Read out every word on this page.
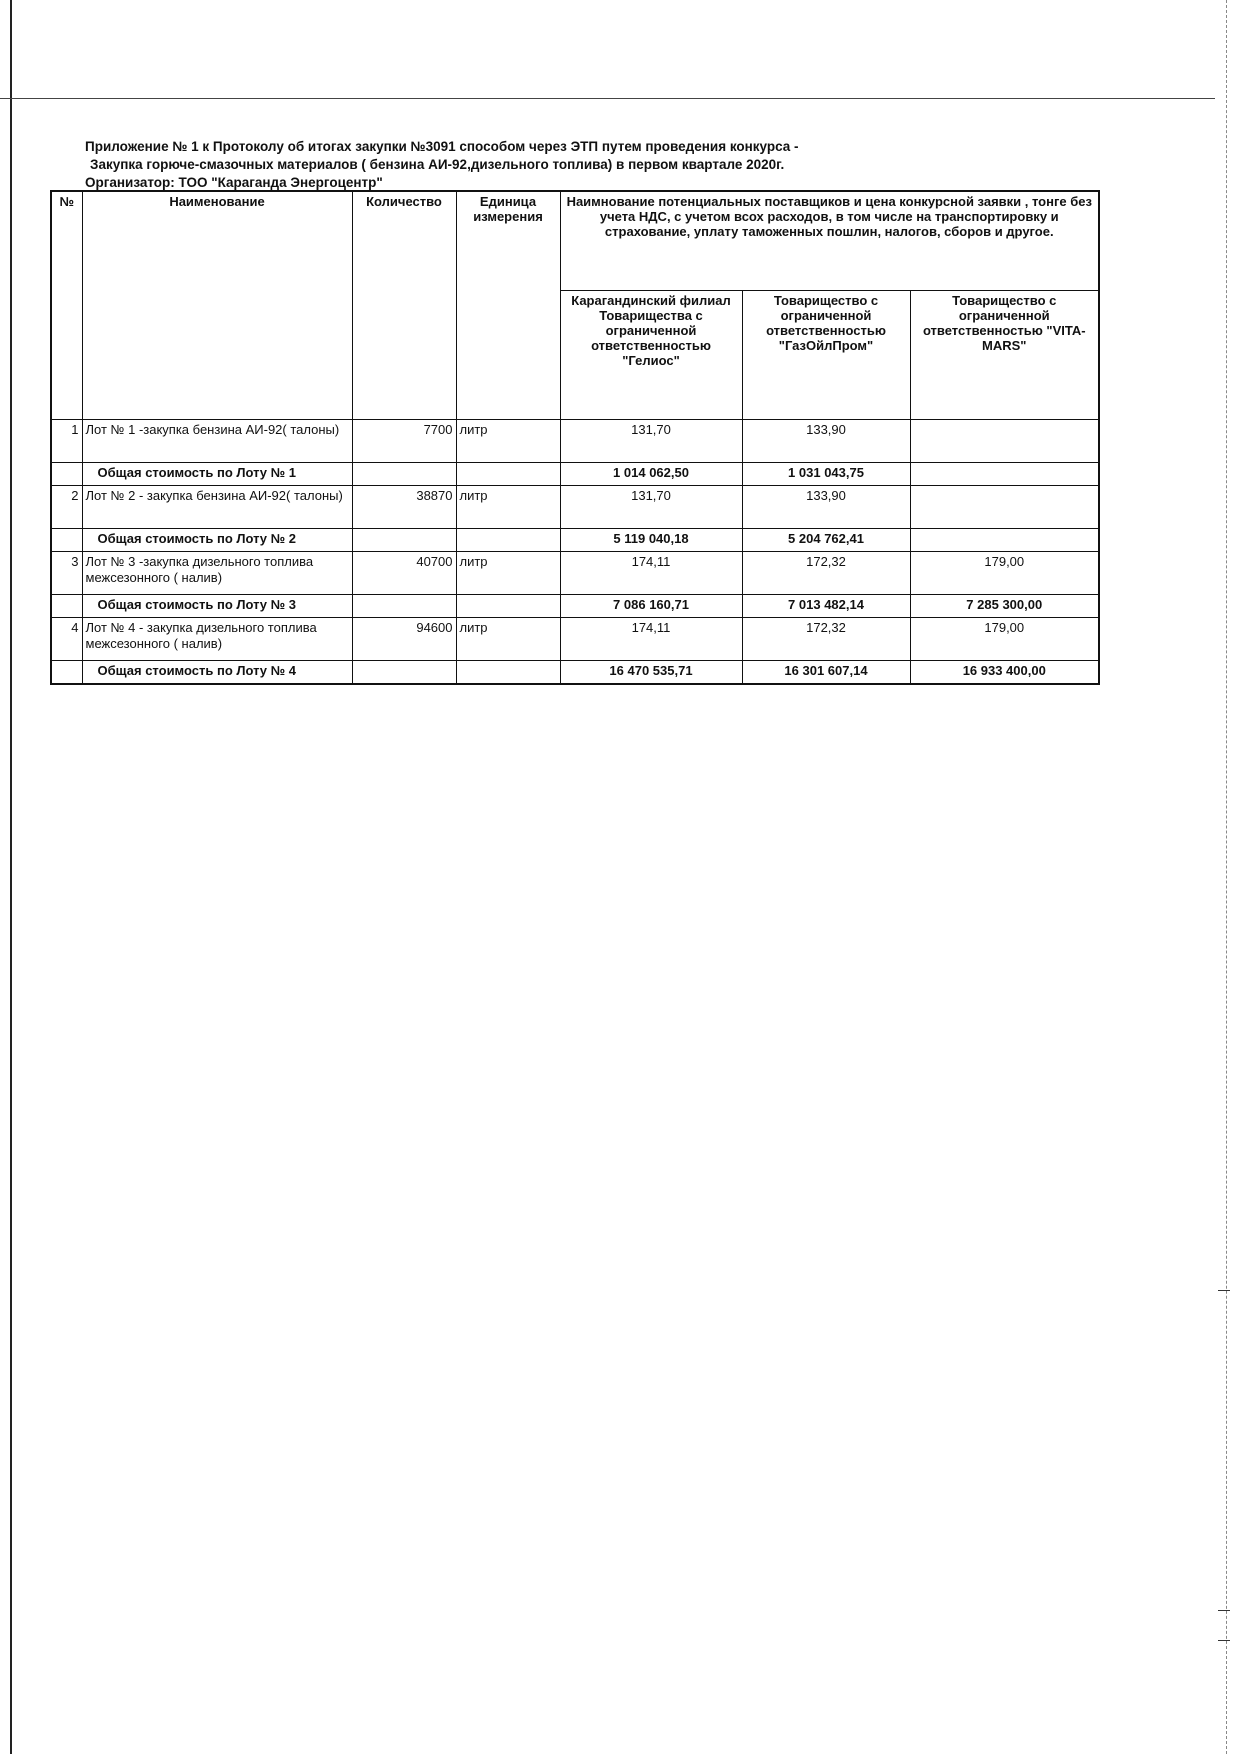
Приложение № 1 к Протоколу об итогах закупки №3091 способом через ЭТП путем проведения конкурса -
Закупка горюче-смазочных материалов ( бензина АИ-92,дизельного топлива) в первом квартале 2020г.
Организатор: ТОО "Караганда Энергоцентр"
№	Наименование	Количество	Единица измерения	Наимнование потенциальных поставщиков и цена конкурсной заявки , тонге без учета НДС, с учетом всох расходов, в том числе на транспортировку и страхование, уплату таможенных пошлин, налогов, сборов и другое.		
				Карагандинский филиал Товарищества с ограниченной ответственностью "Гелиос"	Товарищество с ограниченной ответственностью "ГазОйлПром"	Товарищество с ограниченной ответственностью "VITA-MARS"
1	Лот № 1 -закупка бензина АИ-92( талоны)	7700	литр	131,70	133,90	
	Общая стоимость по Лоту № 1			1 014 062,50	1 031 043,75	
2	Лот № 2 - закупка бензина АИ-92( талоны)	38870	литр	131,70	133,90	
	Общая стоимость по Лоту № 2			5 119 040,18	5 204 762,41	
3	Лот № 3 -закупка дизельного топлива межсезонного ( налив)	40700	литр	174,11	172,32	179,00
	Общая стоимость по Лоту № 3			7 086 160,71	7 013 482,14	7 285 300,00
4	Лот № 4 - закупка дизельного топлива межсезонного ( налив)	94600	литр	174,11	172,32	179,00
	Общая стоимость по Лоту № 4			16 470 535,71	16 301 607,14	16 933 400,00
